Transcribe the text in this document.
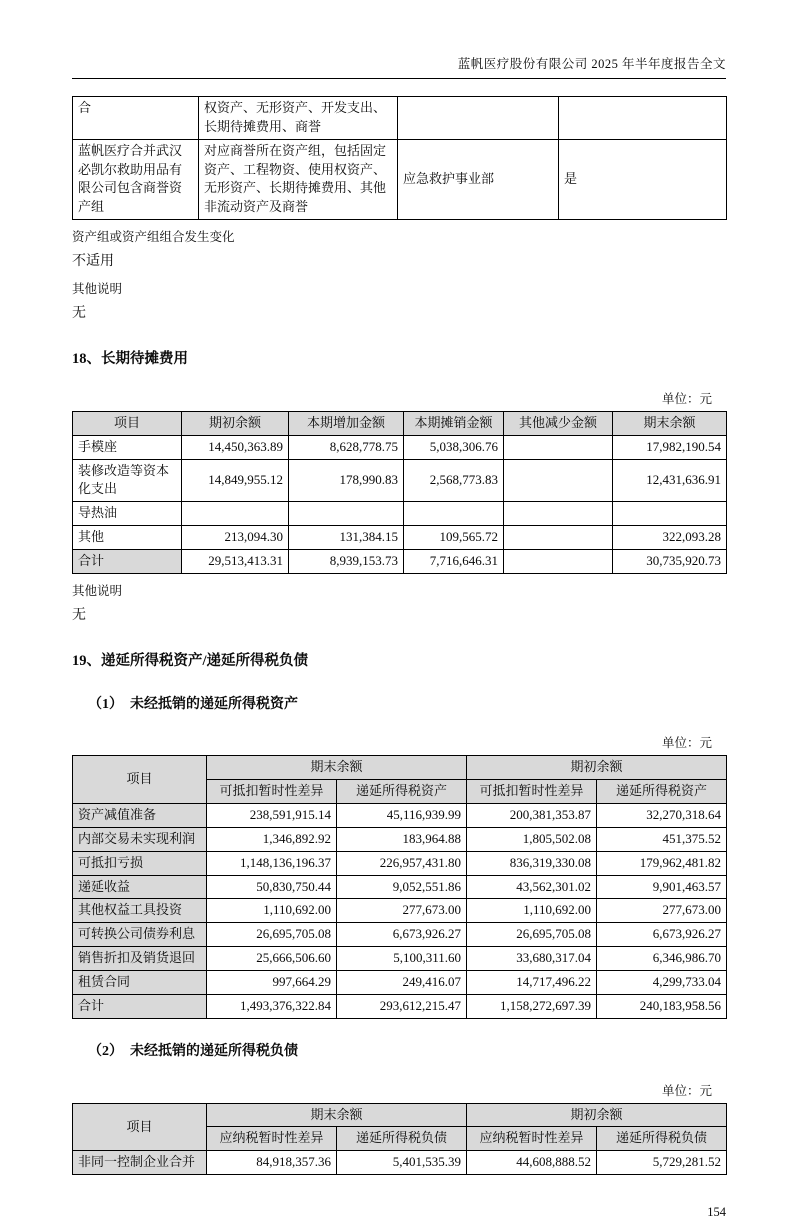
蓝帆医疗股份有限公司 2025 年半年度报告全文
合	权资产、无形资产、开发支出、长期待摊费用、商誉		
蓝帆医疗合并武汉必凯尔救助用品有限公司包含商誉资产组	对应商誉所在资产组，包括固定资产、工程物资、使用权资产、无形资产、长期待摊费用、其他非流动资产及商誉	应急救护事业部	是

资产组或资产组组合发生变化

不适用

其他说明

无

18、长期待摊费用

单位：元
项目	期初余额	本期增加金额	本期摊销金额	其他减少金额	期末余额
手模座	14,450,363.89	8,628,778.75	5,038,306.76		17,982,190.54
装修改造等资本化支出	14,849,955.12	178,990.83	2,568,773.83		12,431,636.91
导热油					
其他	213,094.30	131,384.15	109,565.72		322,093.28
合计	29,513,413.31	8,939,153.73	7,716,646.31		30,735,920.73

其他说明

无

19、递延所得税资产/递延所得税负债

（1）　未经抵销的递延所得税资产

单位：元
项目	期末余额		期初余额	
	可抵扣暂时性差异	递延所得税资产	可抵扣暂时性差异	递延所得税资产
资产减值准备	238,591,915.14	45,116,939.99	200,381,353.87	32,270,318.64
内部交易未实现利润	1,346,892.92	183,964.88	1,805,502.08	451,375.52
可抵扣亏损	1,148,136,196.37	226,957,431.80	836,319,330.08	179,962,481.82
递延收益	50,830,750.44	9,052,551.86	43,562,301.02	9,901,463.57
其他权益工具投资	1,110,692.00	277,673.00	1,110,692.00	277,673.00
可转换公司债券利息	26,695,705.08	6,673,926.27	26,695,705.08	6,673,926.27
销售折扣及销货退回	25,666,506.60	5,100,311.60	33,680,317.04	6,346,986.70
租赁合同	997,664.29	249,416.07	14,717,496.22	4,299,733.04
合计	1,493,376,322.84	293,612,215.47	1,158,272,697.39	240,183,958.56

（2）　未经抵销的递延所得税负债

单位：元
项目	期末余额		期初余额	
	应纳税暂时性差异	递延所得税负债	应纳税暂时性差异	递延所得税负债
非同一控制企业合并	84,918,357.36	5,401,535.39	44,608,888.52	5,729,281.52
154
